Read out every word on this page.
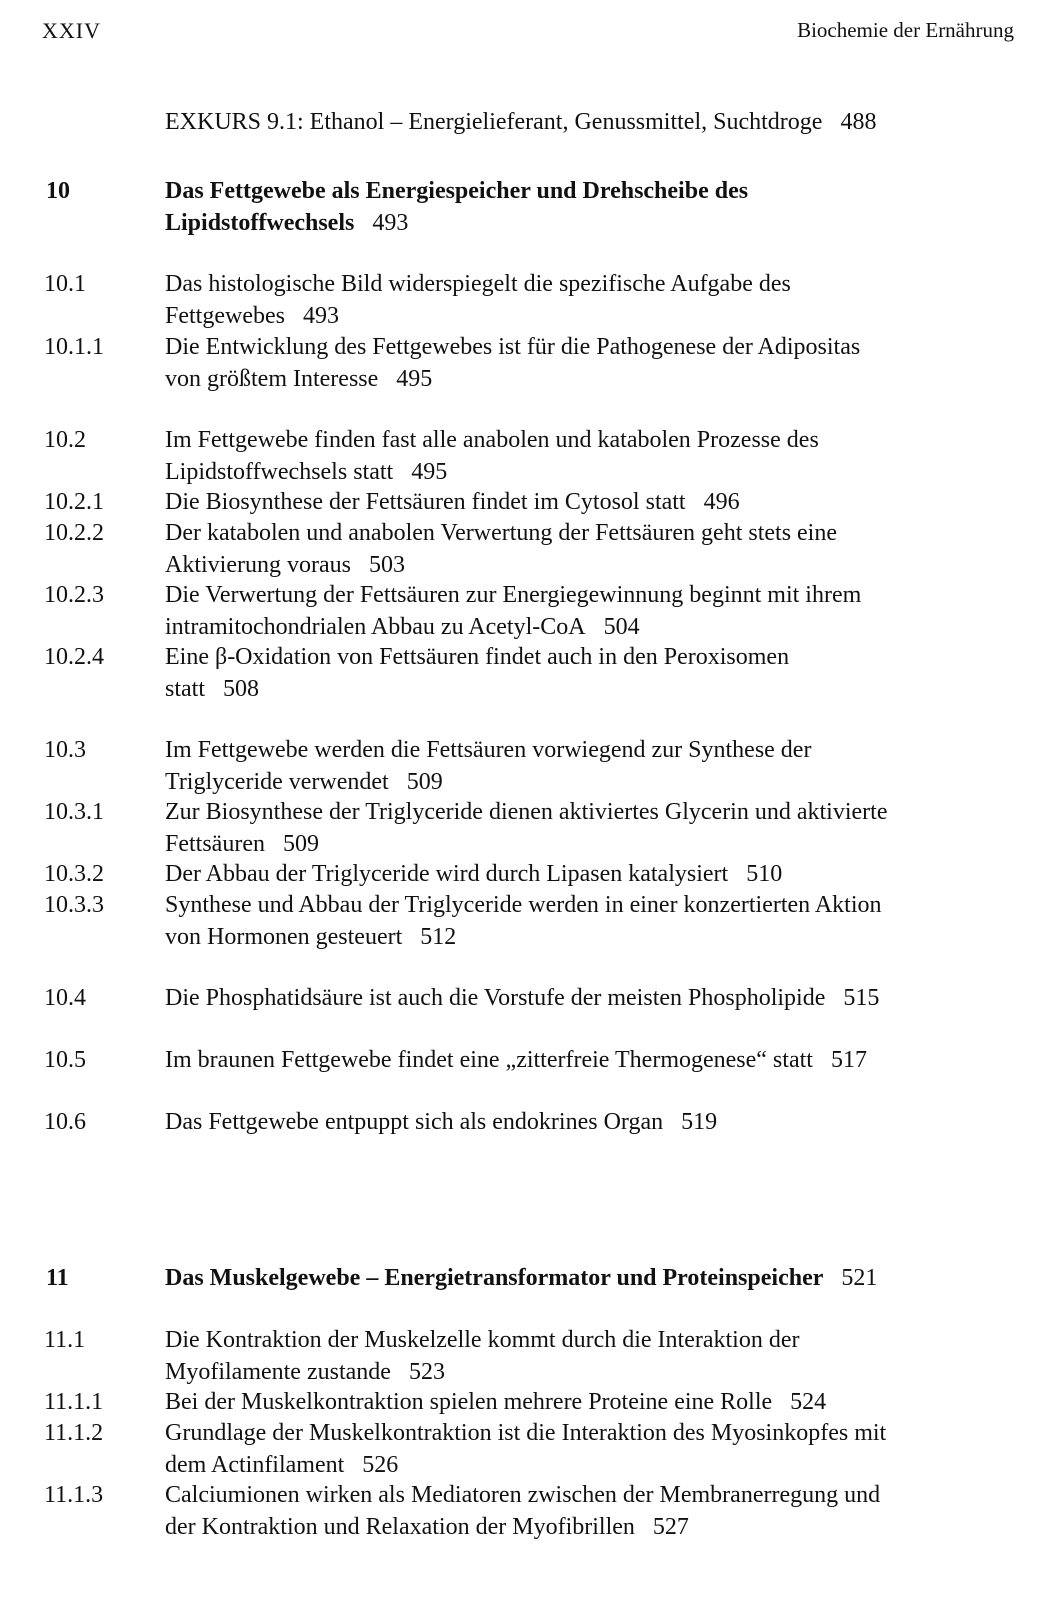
XXIV	Biochemie der Ernährung
EXKURS 9.1: Ethanol – Energielieferant, Genussmittel, Suchtdroge 488
10	Das Fettgewebe als Energiespeicher und Drehscheibe des
Lipidstoffwechsels 493
10.1	Das histologische Bild widerspiegelt die spezifische Aufgabe des
Fettgewebes 493
10.1.1	Die Entwicklung des Fettgewebes ist für die Pathogenese der Adipositas
von größtem Interesse 495
10.2	Im Fettgewebe finden fast alle anabolen und katabolen Prozesse des
Lipidstoffwechsels statt 495
10.2.1	Die Biosynthese der Fettsäuren findet im Cytosol statt 496
10.2.2	Der katabolen und anabolen Verwertung der Fettsäuren geht stets eine
Aktivierung voraus 503
10.2.3	Die Verwertung der Fettsäuren zur Energiegewinnung beginnt mit ihrem
intramitochondrialen Abbau zu Acetyl-CoA 504
10.2.4	Eine β-Oxidation von Fettsäuren findet auch in den Peroxisomen
statt 508
10.3	Im Fettgewebe werden die Fettsäuren vorwiegend zur Synthese der
Triglyceride verwendet 509
10.3.1	Zur Biosynthese der Triglyceride dienen aktiviertes Glycerin und aktivierte
Fettsäuren 509
10.3.2	Der Abbau der Triglyceride wird durch Lipasen katalysiert 510
10.3.3	Synthese und Abbau der Triglyceride werden in einer konzertierten Aktion
von Hormonen gesteuert 512
10.4	Die Phosphatidsäure ist auch die Vorstufe der meisten Phospholipide 515
10.5	Im braunen Fettgewebe findet eine „zitterfreie Thermogenese“ statt 517
10.6	Das Fettgewebe entpuppt sich als endokrines Organ 519
11	Das Muskelgewebe – Energietransformator und Proteinspeicher 521
11.1	Die Kontraktion der Muskelzelle kommt durch die Interaktion der
Myofilamente zustande 523
11.1.1	Bei der Muskelkontraktion spielen mehrere Proteine eine Rolle 524
11.1.2	Grundlage der Muskelkontraktion ist die Interaktion des Myosinkopfes mit
dem Actinfilament 526
11.1.3	Calciumionen wirken als Mediatoren zwischen der Membranerregung und
der Kontraktion und Relaxation der Myofibrillen 527
